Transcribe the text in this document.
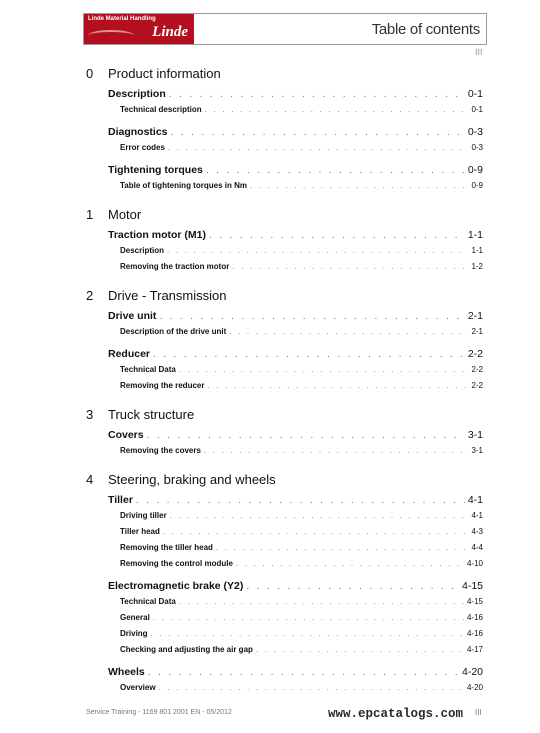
Linde Material Handling
Linde	Table of contents
III
0 Product information
Description . . .	0-1
Technical description . . .	0-1
Diagnostics . . .	0-3
Error codes . . .	0-3
Tightening torques . . .	0-9
Table of tightening torques in Nm . . .	0-9
1 Motor
Traction motor (M1) . . .	1-1
Description . . .	1-1
Removing the traction motor . . .	1-2
2 Drive - Transmission
Drive unit . . .	2-1
Description of the drive unit . . .	2-1
Reducer . . .	2-2
Technical Data . . .	2-2
Removing the reducer . . .	2-2
3 Truck structure
Covers . . .	3-1
Removing the covers . . .	3-1
4 Steering, braking and wheels
Tiller . . .	4-1
Driving tiller . . .	4-1
Tiller head . . .	4-3
Removing the tiller head . . .	4-4
Removing the control module . . .	4-10
Electromagnetic brake (Y2) . . .	4-15
Technical Data . . .	4-15
General . . .	4-16
Driving . . .	4-16
Checking and adjusting the air gap . . .	4-17
Wheels . . .	4-20
Overview . . .	4-20
Service Training - 1169 801 2001 EN - 05/2012	www.epcatalogs.com III
